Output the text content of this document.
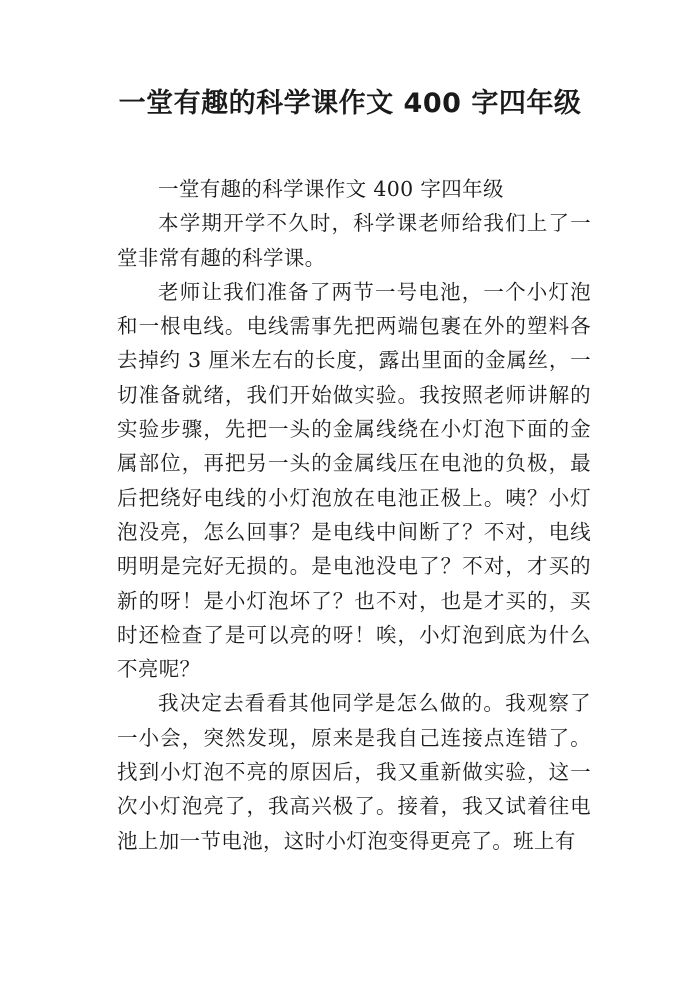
一堂有趣的科学课作文 400 字四年级

一堂有趣的科学课作文 400 字四年级

本学期开学不久时，科学课老师给我们上了一堂非常有趣的科学课。

老师让我们准备了两节一号电池，一个小灯泡和一根电线。电线需事先把两端包裹在外的塑料各去掉约 3 厘米左右的长度，露出里面的金属丝，一切准备就绪，我们开始做实验。我按照老师讲解的实验步骤，先把一头的金属线绕在小灯泡下面的金属部位，再把另一头的金属线压在电池的负极，最后把绕好电线的小灯泡放在电池正极上。咦？小灯泡没亮，怎么回事？是电线中间断了？不对，电线明明是完好无损的。是电池没电了？不对，才买的新的呀！是小灯泡坏了？也不对，也是才买的，买时还检查了是可以亮的呀！唉，小灯泡到底为什么不亮呢？

我决定去看看其他同学是怎么做的。我观察了一小会，突然发现，原来是我自己连接点连错了。找到小灯泡不亮的原因后，我又重新做实验，这一次小灯泡亮了，我高兴极了。接着，我又试着往电池上加一节电池，这时小灯泡变得更亮了。班上有
